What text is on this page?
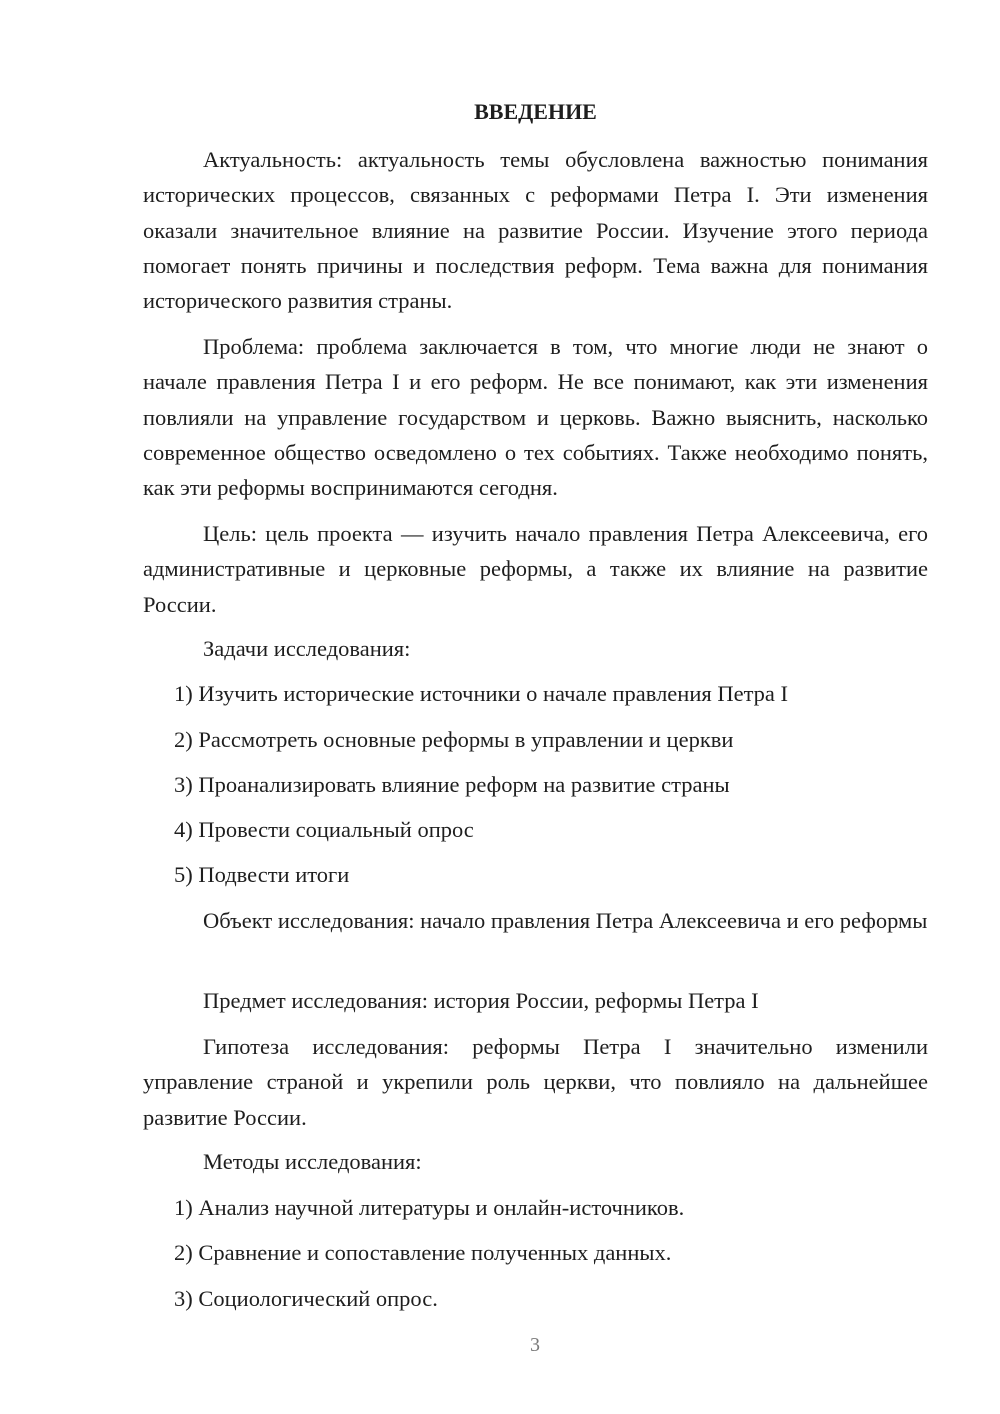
ВВЕДЕНИЕ

Актуальность: актуальность темы обусловлена важностью понимания исторических процессов, связанных с реформами Петра I. Эти изменения оказали значительное влияние на развитие России. Изучение этого периода помогает понять причины и последствия реформ. Тема важна для понимания исторического развития страны.

Проблема: проблема заключается в том, что многие люди не знают о начале правления Петра I и его реформ. Не все понимают, как эти изменения повлияли на управление государством и церковь. Важно выяснить, насколько современное общество осведомлено о тех событиях. Также необходимо понять, как эти реформы воспринимаются сегодня.

Цель: цель проекта — изучить начало правления Петра Алексеевича, его административные и церковные реформы, а также их влияние на развитие России.

Задачи исследования:

1) Изучить исторические источники о начале правления Петра I

2) Рассмотреть основные реформы в управлении и церкви

3) Проанализировать влияние реформ на развитие страны

4) Провести социальный опрос

5) Подвести итоги

Объект исследования: начало правления Петра Алексеевича и его реформы

Предмет исследования: история России, реформы Петра I

Гипотеза исследования: реформы Петра I значительно изменили управление страной и укрепили роль церкви, что повлияло на дальнейшее развитие России.

Методы исследования:

1) Анализ научной литературы и онлайн-источников.

2) Сравнение и сопоставление полученных данных.

3) Социологический опрос.

3
